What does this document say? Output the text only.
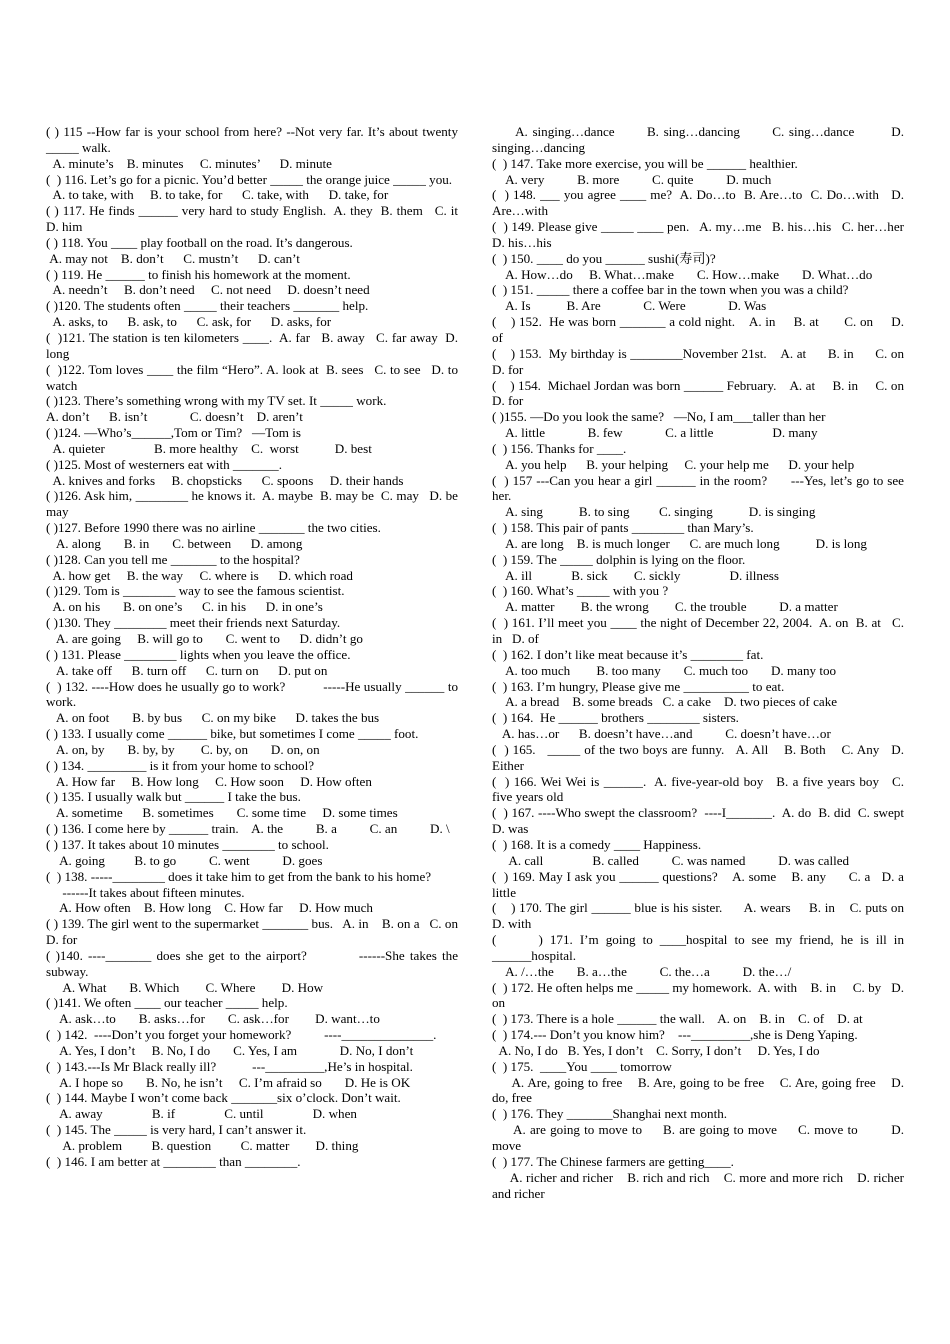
( ) 115 --How far is your school from here? --Not very far. It’s about twenty _____ walk.
A. minute’s    B. minutes     C. minutes’      D. minute
(  ) 116. Let’s go for a picnic. You’d better _____ the orange juice _____ you.
A. to take, with     B. to take, for      C. take, with      D. take, for
( ) 117. He finds ______ very hard to study English.  A. they  B. them   C. it   D. him
( ) 118. You ____ play football on the road. It’s dangerous.
A. may not    B. don’t      C. mustn’t      D. can’t
( ) 119. He ______ to finish his homework at the moment.
A. needn’t     B. don’t need     C. not need     D. doesn’t need
( )120. The students often _____ their teachers _______ help.
A. asks, to      B. ask, to      C. ask, for      D. asks, for
(  )121. The station is ten kilometers ____.  A. far   B. away   C. far away  D. long
(  )122. Tom loves ____ the film “Hero”. A. look at  B. sees   C. to see   D. to watch
( )123. There’s something wrong with my TV set. It _____ work.
A. don’t      B. isn’t             C. doesn’t    D. aren’t
( )124. —Who’s______,Tom or Tim?   —Tom is
A. quieter               B. more healthy    C.  worst           D. best
( )125. Most of westerners eat with _______.
A. knives and forks     B. chopsticks      C. spoons     D. their hands
( )126. Ask him, ________ he knows it.  A. maybe  B. may be  C. may   D. be may
( )127. Before 1990 there was no airline _______ the two cities.
A. along       B. in       C. between      D. among
( )128. Can you tell me _______ to the hospital?
A. how get     B. the way     C. where is      D. which road
( )129. Tom is ________ way to see the famous scientist.
A. on his       B. on one’s      C. in his      D. in one’s
( )130. They ________ meet their friends next Saturday.
A. are going     B. will go to       C. went to      D. didn’t go
( ) 131. Please ________ lights when you leave the office.
A. take off      B. turn off      C. turn on      D. put on
(  ) 132. ----How does he usually go to work?           -----He usually ______ to work.
A. on foot       B. by bus      C. on my bike      D. takes the bus
( ) 133. I usually come ______ bike, but sometimes I come _____ foot.
A. on, by       B. by, by        C. by, on       D. on, on
( ) 134. _________ is it from your home to school?
A. How far     B. How long     C. How soon     D. How often
( ) 135. I usually walk but ______ I take the bus.
A. sometime      B. sometimes       C. some time     D. some times
( ) 136. I come here by ______ train.    A. the          B. a          C. an          D. \
( ) 137. It takes about 10 minutes ________ to school.
A. going         B. to go          C. went          D. goes
(  ) 138. -----________ does it take him to get from the bank to his home?
------It takes about fifteen minutes.
A. How often    B. How long    C. How far     D. How much
( ) 139. The girl went to the supermarket _______ bus.   A. in    B. on a   C. on  D. for
( )140. ----_______ does she get to the airport?          ------She takes the subway.
A. What       B. Which        C. Where        D. How
( )141. We often ____ our teacher _____ help.
A. ask…to       B. asks…for       C. ask…for        D. want…to
(  ) 142.  ----Don’t you forget your homework?          ----______________.
A. Yes, I don’t     B. No, I do       C. Yes, I am             D. No, I don’t
(  ) 143.---Is Mr Black really ill?           ---_________,He’s in hospital.
A. I hope so       B. No, he isn’t     C. I’m afraid so       D. He is OK
(  ) 144. Maybe I won’t come back _______six o’clock. Don’t wait.
A. away               B. if               C. until               D. when
(  ) 145. The _____ is very hard, I can’t answer it.
A. problem         B. question         C. matter        D. thing
(  ) 146. I am better at ________ than ________.
A. singing…dance       B. sing…dancing       C. sing…dance        D. singing…dancing
(  ) 147. Take more exercise, you will be ______ healthier.
A. very          B. more          C. quite          D. much
(  ) 148. ___ you agree ____ me?  A. Do…to  B. Are…to  C. Do…with   D. Are…with
(  ) 149. Please give _____ ____ pen.   A. my…me   B. his…his   C. her…her   D. his…his
(  ) 150. ____ do you ______ sushi(寿司)?
A. How…do     B. What…make       C. How…make       D. What…do
(  ) 151. _____ there a coffee bar in the town when you was a child?
A. Is           B. Are             C. Were             D. Was
(    ) 152.  He was born _______ a cold night.    A. in     B. at       C. on     D. of
(    ) 153.  My birthday is ________November 21st.    A. at      B. in      C. on   D. for
(    ) 154.  Michael Jordan was born ______ February.    A. at     B. in     C. on   D. for
( )155. —Do you look the same?   —No, I am___taller than her
A. little             B. few             C. a little                  D. many
(  ) 156. Thanks for ____.
A. you help      B. your helping     C. your help me      D. your help
(  ) 157 ---Can you hear a girl ______ in the room?      ---Yes, let’s go to see her.
A. sing           B. to sing         C. singing           D. is singing
(  ) 158. This pair of pants ________ than Mary’s.
A. are long    B. is much longer      C. are much long           D. is long
(  ) 159. The _____ dolphin is lying on the floor.
A. ill            B. sick        C. sickly               D. illness
(  ) 160. What’s _____ with you ?
A. matter        B. the wrong        C. the trouble          D. a matter
(  ) 161. I’ll meet you ____ the night of December 22, 2004.  A. on  B. at   C. in   D. of
(  ) 162. I don’t like meat because it’s ________ fat.
A. too much        B. too many       C. much too       D. many too
(  ) 163. I’m hungry, Please give me __________ to eat.
A. a bread    B. some breads   C. a cake    D. two pieces of cake
(  ) 164.  He ______ brothers ________ sisters.
A. has…or      B. doesn’t have…and          C. doesn’t have…or
(  ) 165.   _____ of the two boys are funny.   A. All    B. Both    C. Any   D. Either
(  ) 166. Wei Wei is ______.  A. five-year-old boy   B. a five years boy   C. five years old
(  ) 167. ----Who swept the classroom?  ----I_______.  A. do  B. did  C. swept  D. was
(  ) 168. It is a comedy ____ Happiness.
A. call               B. called          C. was named          D. was called
(  ) 169. May I ask you ______ questions?    A. some    B. any      C. a   D. a little
(    ) 170. The girl ______ blue is his sister.      A. wears     B. in    C. puts on   D. with
(      ) 171. I’m going to ____hospital to see my friend, he is ill in ______hospital.
A. /…the       B. a…the          C. the…a          D. the…/
(  ) 172. He often helps me _____ my homework.  A. with    B. in     C. by   D. on
(  ) 173. There is a hole ______ the wall.    A. on    B. in    C. of    D. at
(  ) 174.--- Don’t you know him?    ---_________,she is Deng Yaping.
A. No, I do   B. Yes, I don’t    C. Sorry, I don’t     D. Yes, I do
(  ) 175.  ____You ____ tomorrow
A. Are, going to free    B. Are, going to be free    C. Are, going free    D. do, free
(  ) 176. They _______Shanghai next month.
A. are going to move to     B. are going to move     C. move to        D. move
(  ) 177. The Chinese farmers are getting____.
A. richer and richer    B. rich and rich    C. more and more rich    D. richer and richer
